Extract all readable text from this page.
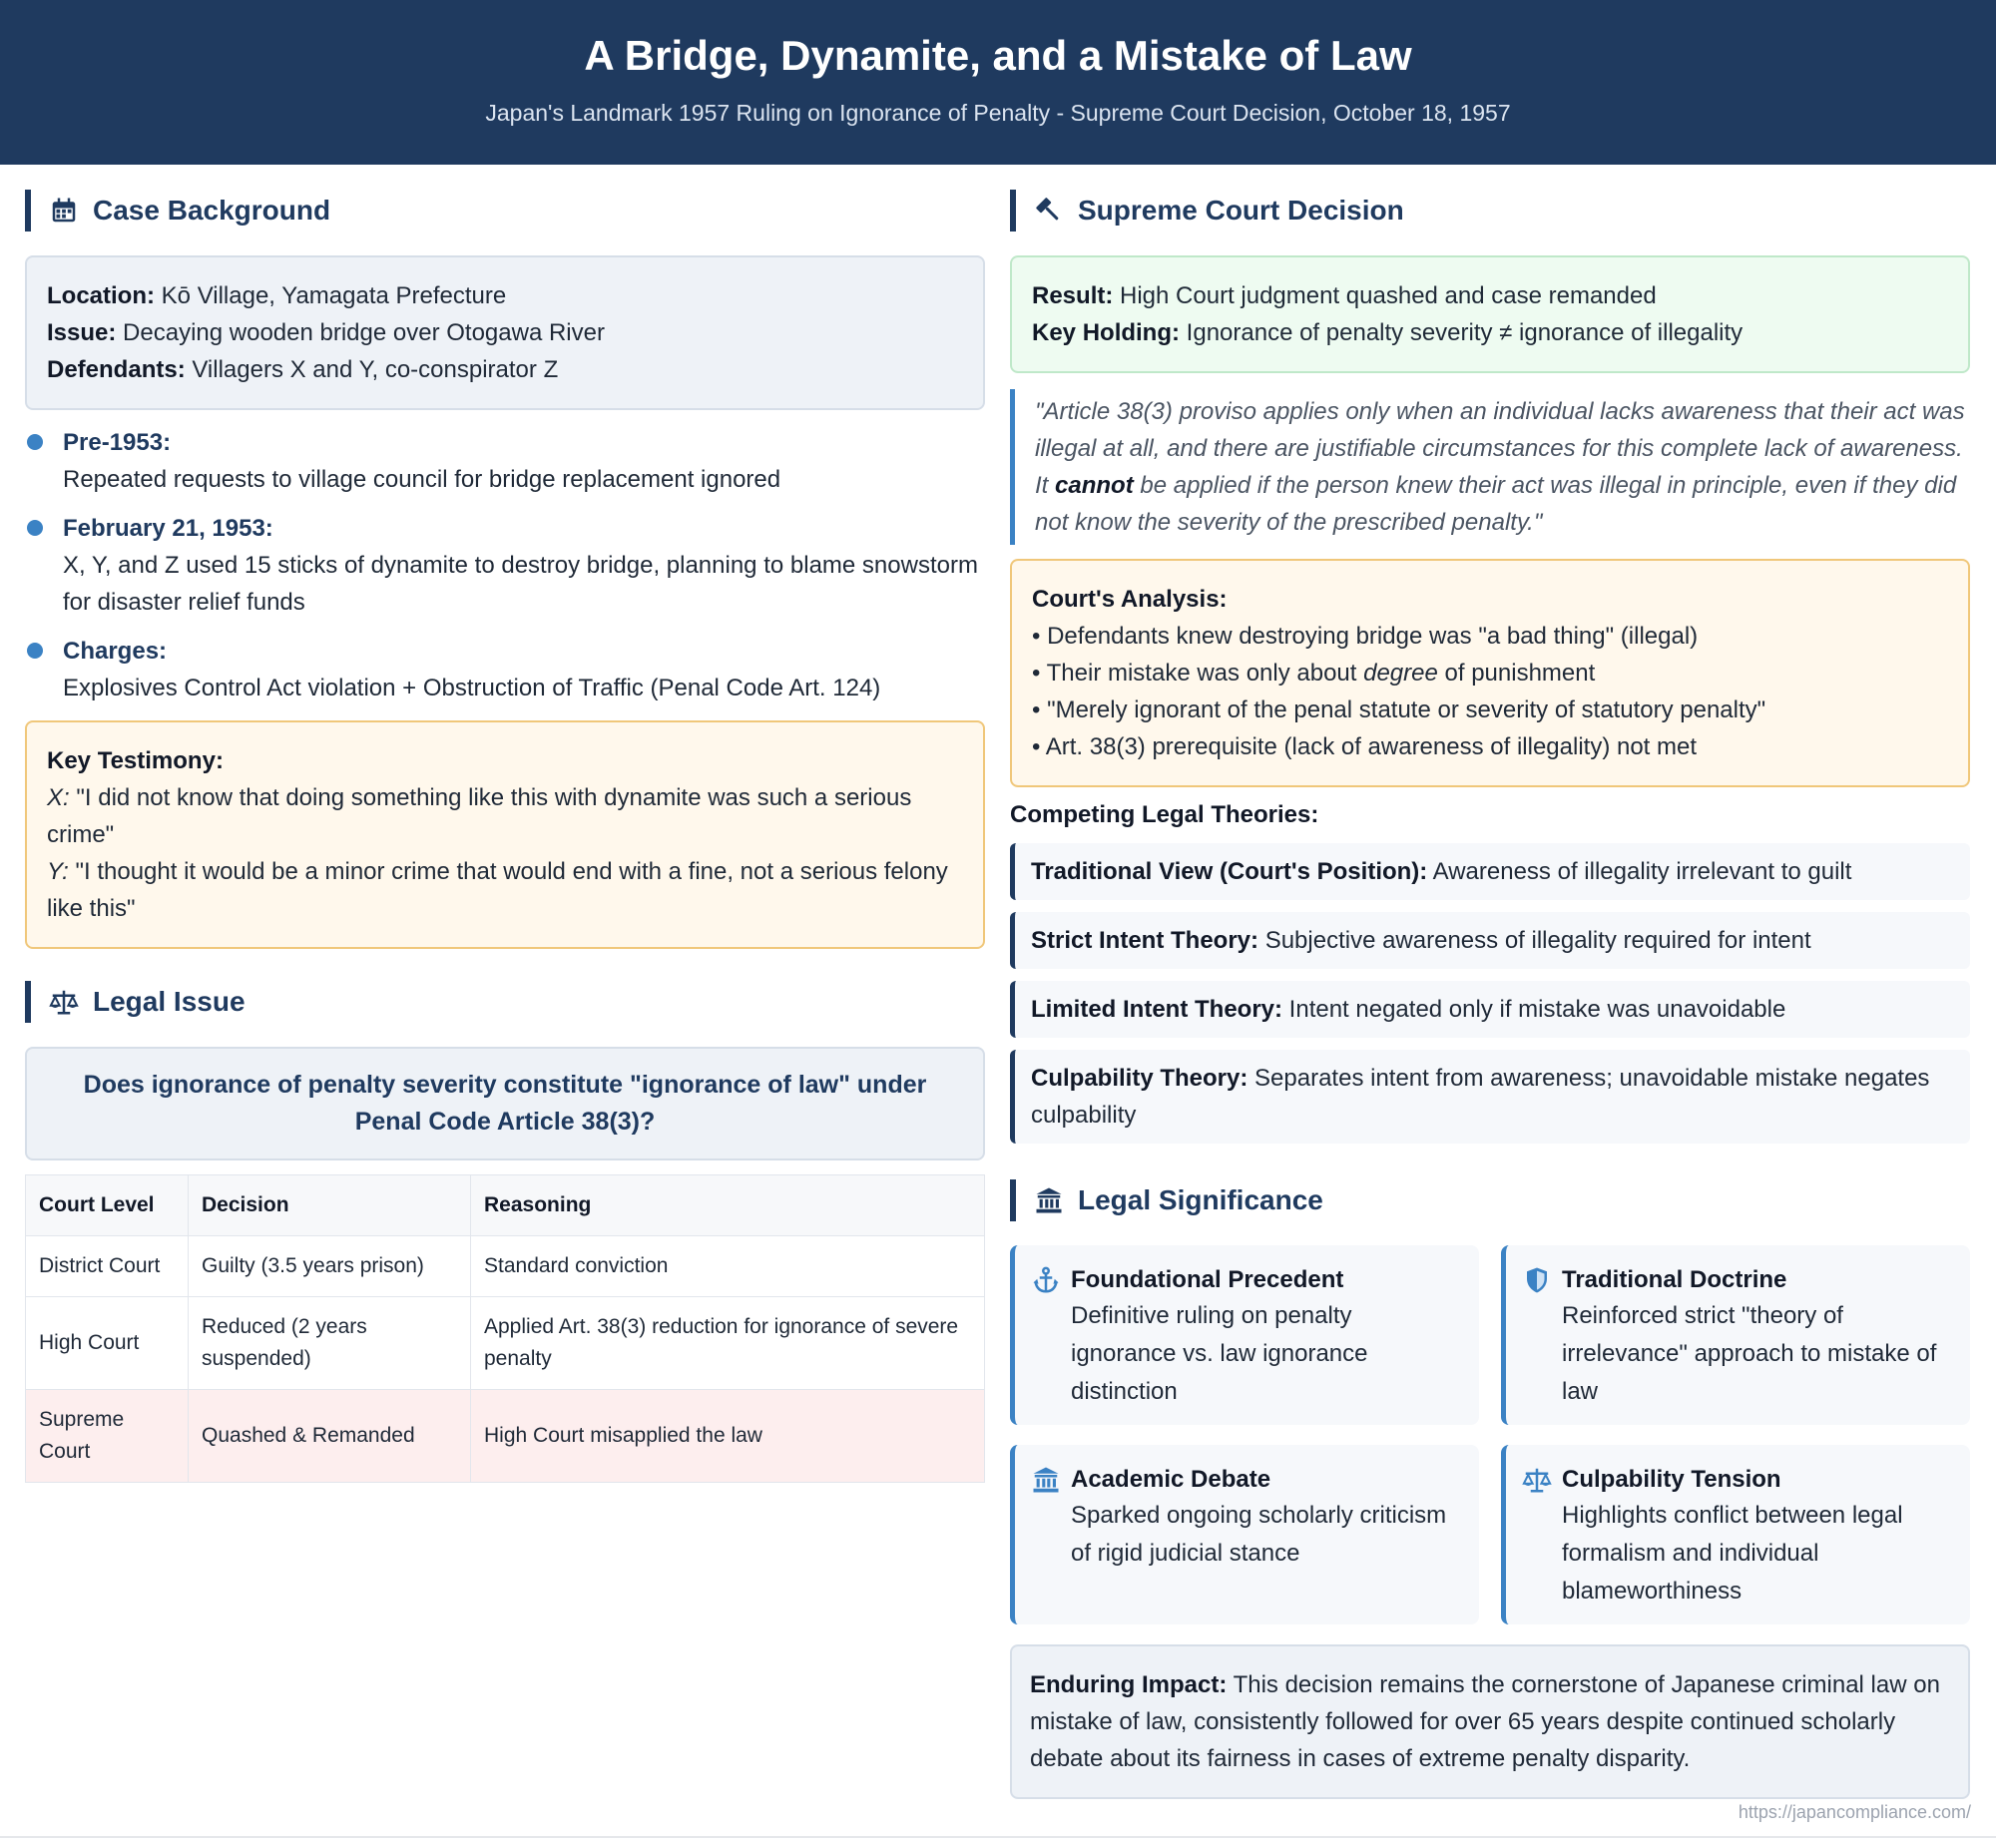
A Bridge, Dynamite, and a Mistake of Law
Japan's Landmark 1957 Ruling on Ignorance of Penalty - Supreme Court Decision, October 18, 1957
Case Background
Location: Kō Village, Yamagata Prefecture
Issue: Decaying wooden bridge over Otogawa River
Defendants: Villagers X and Y, co-conspirator Z
Pre-1953:
Repeated requests to village council for bridge replacement ignored
February 21, 1953:
X, Y, and Z used 15 sticks of dynamite to destroy bridge, planning to blame snowstorm for disaster relief funds
Charges:
Explosives Control Act violation + Obstruction of Traffic (Penal Code Art. 124)
Key Testimony:
X: "I did not know that doing something like this with dynamite was such a serious crime"
Y: "I thought it would be a minor crime that would end with a fine, not a serious felony like this"
Legal Issue
Does ignorance of penalty severity constitute "ignorance of law" under Penal Code Article 38(3)?
Court Level	Decision	Reasoning
District Court	Guilty (3.5 years prison)	Standard conviction
High Court	Reduced (2 years suspended)	Applied Art. 38(3) reduction for ignorance of severe penalty
Supreme Court	Quashed & Remanded	High Court misapplied the law
Supreme Court Decision
Result: High Court judgment quashed and case remanded
Key Holding: Ignorance of penalty severity ≠ ignorance of illegality
"Article 38(3) proviso applies only when an individual lacks awareness that their act was illegal at all, and there are justifiable circumstances for this complete lack of awareness. It cannot be applied if the person knew their act was illegal in principle, even if they did not know the severity of the prescribed penalty."
Court's Analysis:
• Defendants knew destroying bridge was "a bad thing" (illegal)
• Their mistake was only about degree of punishment
• "Merely ignorant of the penal statute or severity of statutory penalty"
• Art. 38(3) prerequisite (lack of awareness of illegality) not met
Competing Legal Theories:
Traditional View (Court's Position): Awareness of illegality irrelevant to guilt
Strict Intent Theory: Subjective awareness of illegality required for intent
Limited Intent Theory: Intent negated only if mistake was unavoidable
Culpability Theory: Separates intent from awareness; unavoidable mistake negates culpability
Legal Significance
Foundational Precedent
Definitive ruling on penalty ignorance vs. law ignorance distinction
Traditional Doctrine
Reinforced strict "theory of irrelevance" approach to mistake of law
Academic Debate
Sparked ongoing scholarly criticism of rigid judicial stance
Culpability Tension
Highlights conflict between legal formalism and individual blameworthiness
Enduring Impact: This decision remains the cornerstone of Japanese criminal law on mistake of law, consistently followed for over 65 years despite continued scholarly debate about its fairness in cases of extreme penalty disparity.
https://japancompliance.com/
